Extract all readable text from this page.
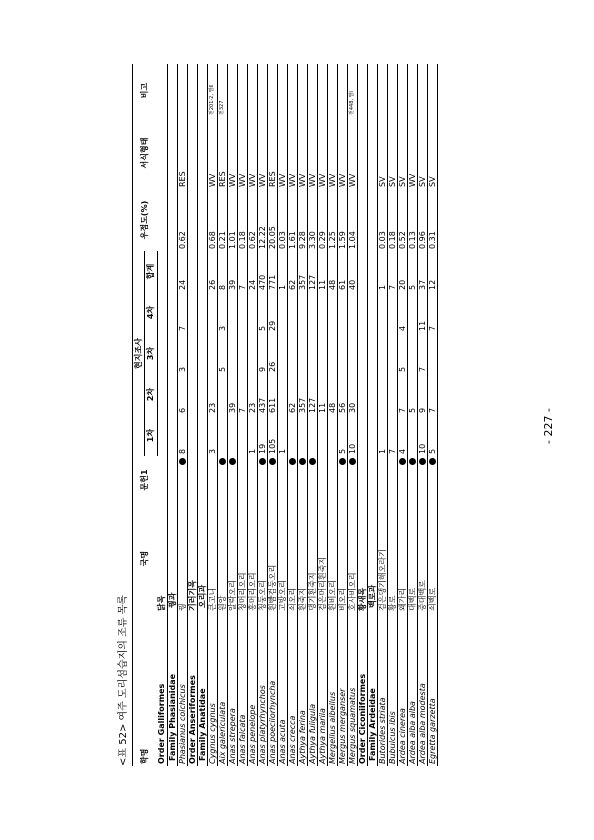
<표 52> 여주 도리섬습지의 조류 목록 학명	국명	문헌1	현지조사					우점도(%)	서식형태	비고
			1차	2차	3차	4차	합계			
Order Galliformes	닭목									
Family Phasianidae	꿩과									
Phasianus colchicus	꿩		8	6	3	7	24	0.62	RES	
Order Anseriformes	기러기목									
Family Anatidae	오리과									
Cygnus cygnus	큰고니		3	23			26	0.68	WV	천201-2, 멸Ⅱ
Aix galericulata	원앙				5	3	8	0.21	RES	천327
Anas strepera	알락오리			39			39	1.01	WV	
Anas falcata	청머리오리			7			7	0.18	WV	
Anas penelope	홍머리오리		1	23			24	0.62	WV	
Anas platyrhynchos	청둥오리		19	437	9	5	470	12.22	WV	
Anas poecilorhyncha	흰뺨검둥오리		105	611	26	29	771	20.05	RES	
Anas acuta	고방오리		1				1	0.03	WV	
Anas crecca	쇠오리			62			62	1.61	WV	
Aythya ferina	흰죽지			357			357	9.28	WV	
Aythya fuligula	댕기흰죽지			127			127	3.30	WV	
Aythya marila	검은머리흰죽지			11			11	0.29	WV	
Mergellus albellus	흰비오리			48			48	1.25	WV	
Mergus merganser	비오리		5	56			61	1.59	WV	
Mergus squamatus	호사비오리		10	30			40	1.04	WV	천448, 멸Ⅰ
Order Ciconiiformes	황새목									
Family Ardeidae	백로과									
Butorides striata	검은댕기해오라기		1				1	0.03	SV	
Bubulcus ibis	황로		7				7	0.18	SV	
Ardea cinerea	왜가리		4	7	5	4	20	0.52	SV	
Ardea alba alba	대백로			5			5	0.13	WV	
Ardea alba modesta	중대백로		10	9	7	11	37	0.96	SV	
Egretta garzetta	쇠백로		5	7		7	12	0.31	SV	
- 227 -
